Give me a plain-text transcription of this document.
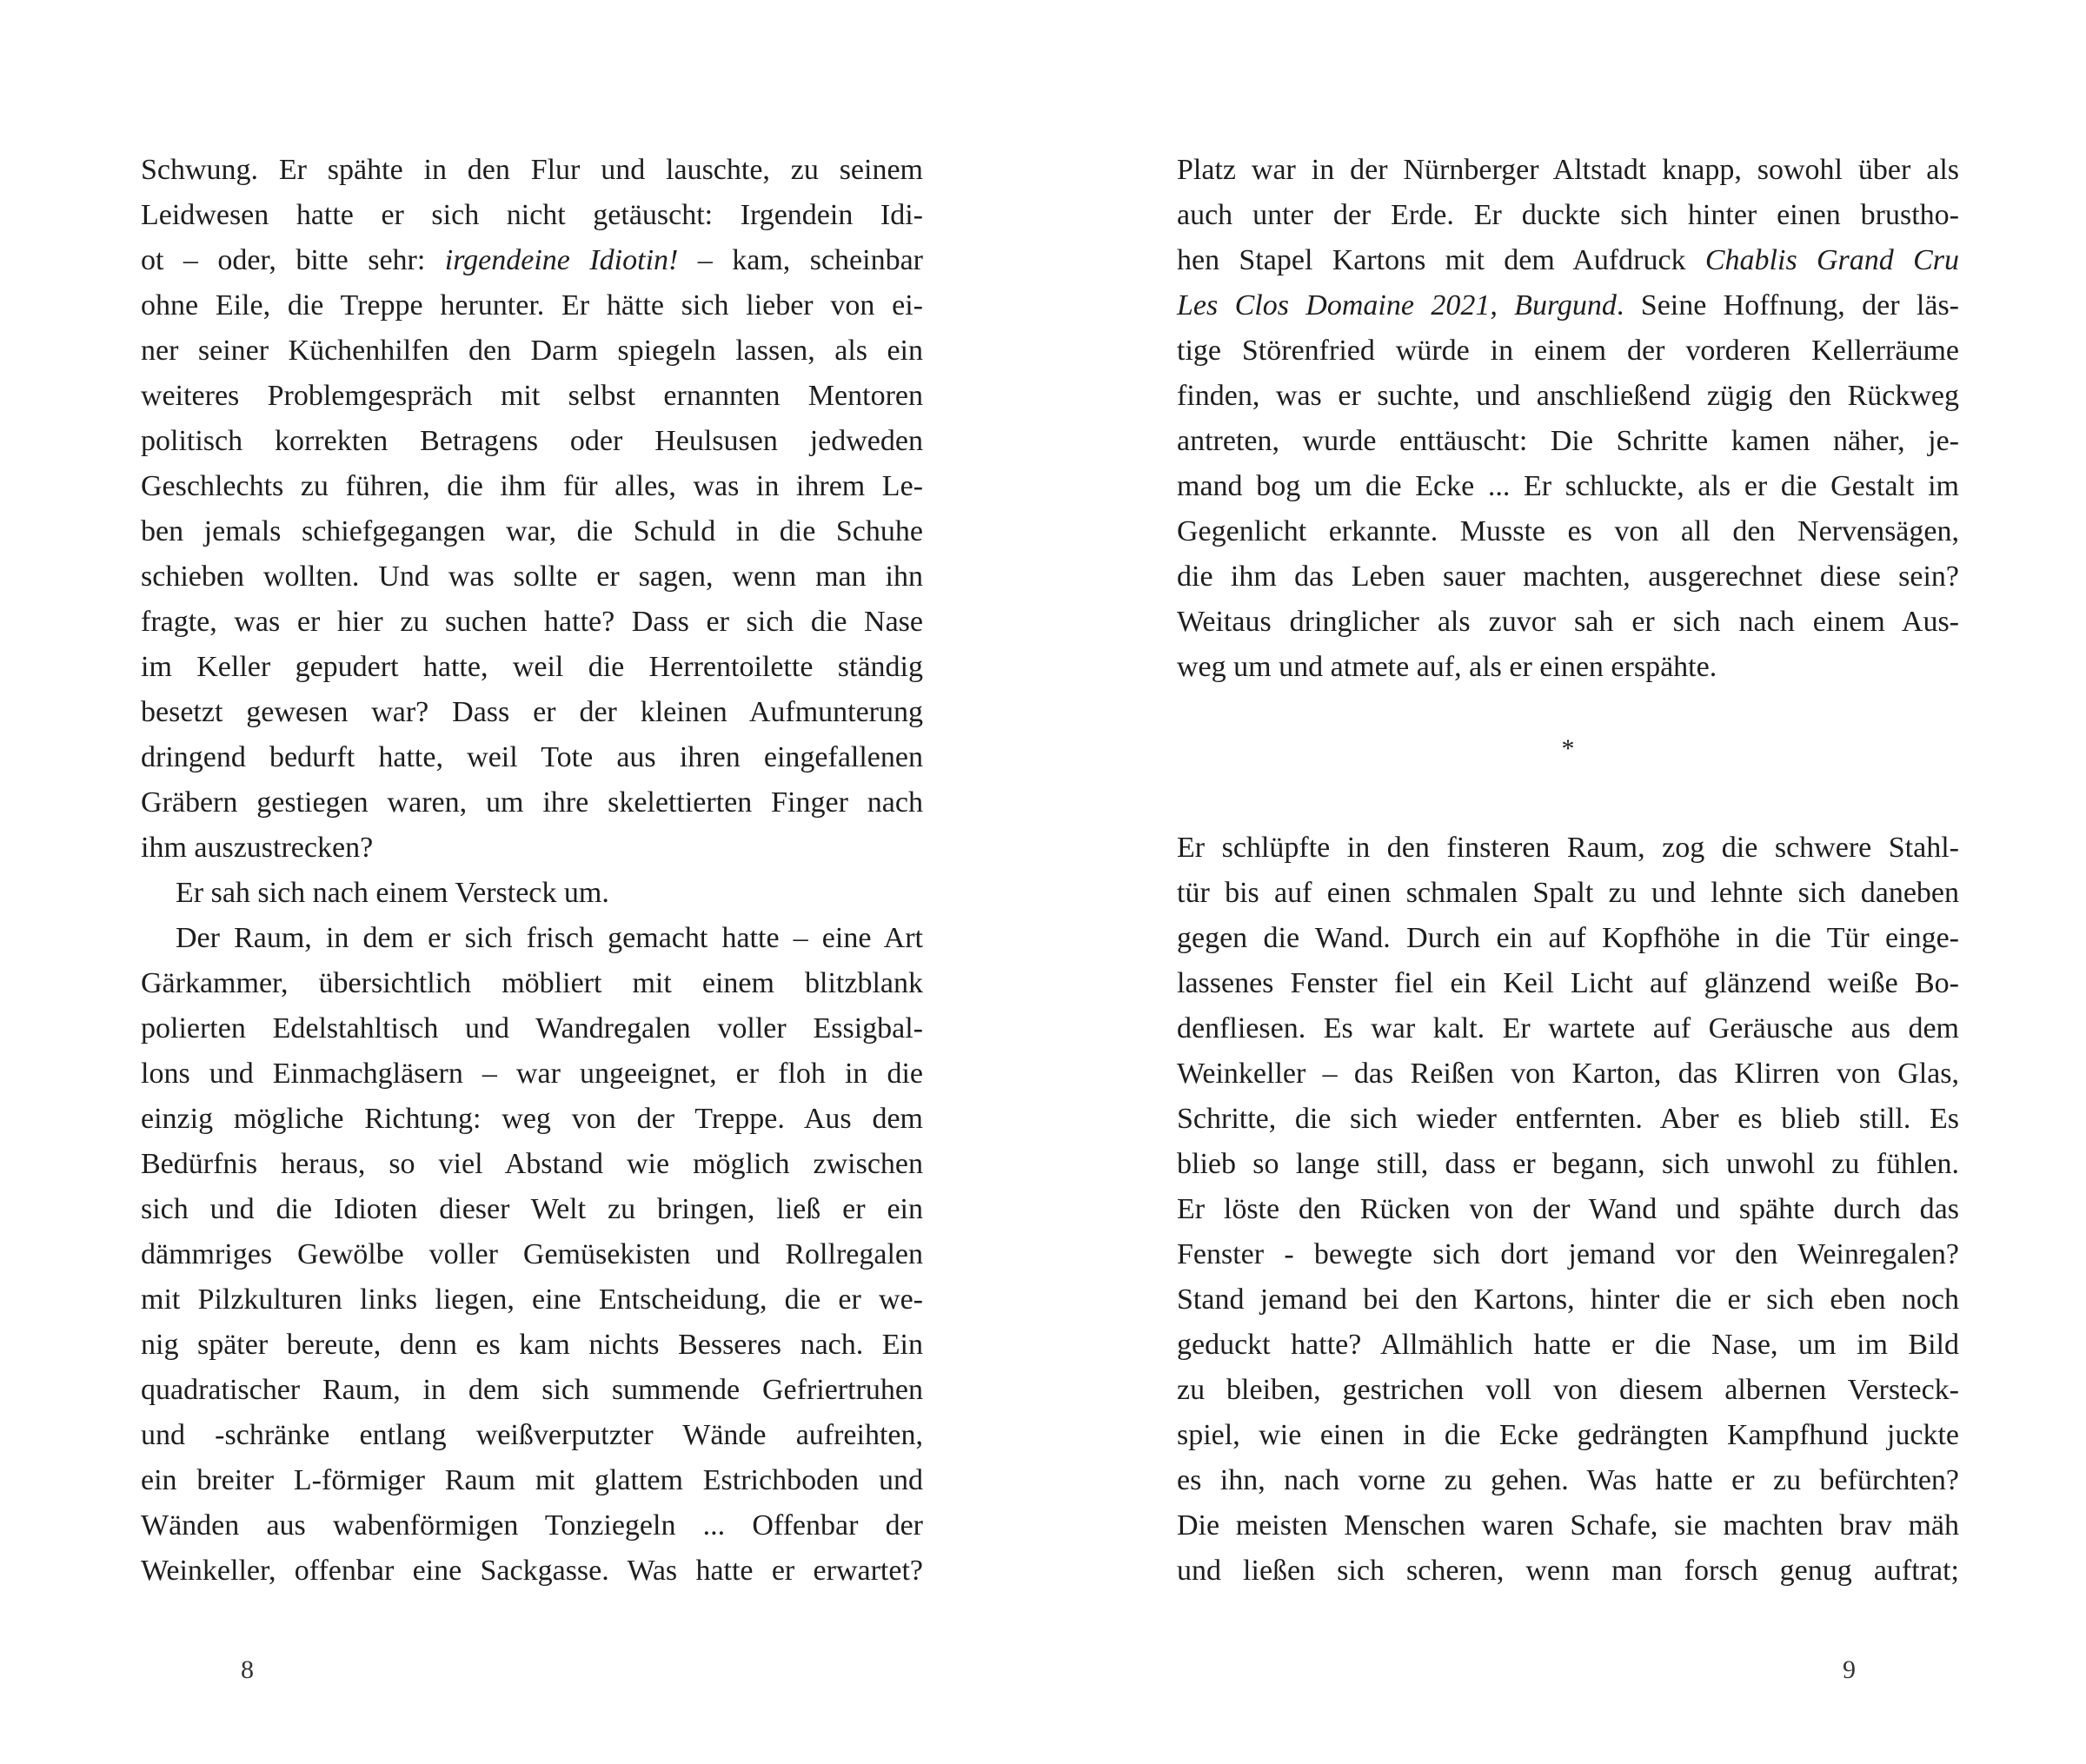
Schwung. Er spähte in den Flur und lauschte, zu seinem
Leidwesen hatte er sich nicht getäuscht: Irgendein Idi-
ot – oder, bitte sehr: irgendeine Idiotin! – kam, scheinbar
ohne Eile, die Treppe herunter. Er hätte sich lieber von ei-
ner seiner Küchenhilfen den Darm spiegeln lassen, als ein
weiteres Problemgespräch mit selbst ernannten Mentoren
politisch korrekten Betragens oder Heulsusen jedweden
Geschlechts zu führen, die ihm für alles, was in ihrem Le-
ben jemals schiefgegangen war, die Schuld in die Schuhe
schieben wollten. Und was sollte er sagen, wenn man ihn
fragte, was er hier zu suchen hatte? Dass er sich die Nase
im Keller gepudert hatte, weil die Herrentoilette ständig
besetzt gewesen war? Dass er der kleinen Aufmunterung
dringend bedurft hatte, weil Tote aus ihren eingefallenen
Gräbern gestiegen waren, um ihre skelettierten Finger nach
ihm auszustrecken?
Er sah sich nach einem Versteck um.
Der Raum, in dem er sich frisch gemacht hatte – eine Art
Gärkammer, übersichtlich möbliert mit einem blitzblank
polierten Edelstahltisch und Wandregalen voller Essigbal-
lons und Einmachgläsern – war ungeeignet, er floh in die
einzig mögliche Richtung: weg von der Treppe. Aus dem
Bedürfnis heraus, so viel Abstand wie möglich zwischen
sich und die Idioten dieser Welt zu bringen, ließ er ein
dämmriges Gewölbe voller Gemüsekisten und Rollregalen
mit Pilzkulturen links liegen, eine Entscheidung, die er we-
nig später bereute, denn es kam nichts Besseres nach. Ein
quadratischer Raum, in dem sich summende Gefriertruhen
und -schränke entlang weißverputzter Wände aufreihten,
ein breiter L-förmiger Raum mit glattem Estrichboden und
Wänden aus wabenförmigen Tonziegeln ... Offenbar der
Weinkeller, offenbar eine Sackgasse. Was hatte er erwartet?
8
Platz war in der Nürnberger Altstadt knapp, sowohl über als
auch unter der Erde. Er duckte sich hinter einen brustho-
hen Stapel Kartons mit dem Aufdruck Chablis Grand Cru
Les Clos Domaine 2021, Burgund. Seine Hoffnung, der läs-
tige Störenfried würde in einem der vorderen Kellerräume
finden, was er suchte, und anschließend zügig den Rückweg
antreten, wurde enttäuscht: Die Schritte kamen näher, je-
mand bog um die Ecke ... Er schluckte, als er die Gestalt im
Gegenlicht erkannte. Musste es von all den Nervensägen,
die ihm das Leben sauer machten, ausgerechnet diese sein?
Weitaus dringlicher als zuvor sah er sich nach einem Aus-
weg um und atmete auf, als er einen erspähte.
*
Er schlüpfte in den finsteren Raum, zog die schwere Stahl-
tür bis auf einen schmalen Spalt zu und lehnte sich daneben
gegen die Wand. Durch ein auf Kopfhöhe in die Tür einge-
lassenes Fenster fiel ein Keil Licht auf glänzend weiße Bo-
denfliesen. Es war kalt. Er wartete auf Geräusche aus dem
Weinkeller – das Reißen von Karton, das Klirren von Glas,
Schritte, die sich wieder entfernten. Aber es blieb still. Es
blieb so lange still, dass er begann, sich unwohl zu fühlen.
Er löste den Rücken von der Wand und spähte durch das
Fenster - bewegte sich dort jemand vor den Weinregalen?
Stand jemand bei den Kartons, hinter die er sich eben noch
geduckt hatte? Allmählich hatte er die Nase, um im Bild
zu bleiben, gestrichen voll von diesem albernen Versteck-
spiel, wie einen in die Ecke gedrängten Kampfhund juckte
es ihn, nach vorne zu gehen. Was hatte er zu befürchten?
Die meisten Menschen waren Schafe, sie machten brav mäh
und ließen sich scheren, wenn man forsch genug auftrat;
9
